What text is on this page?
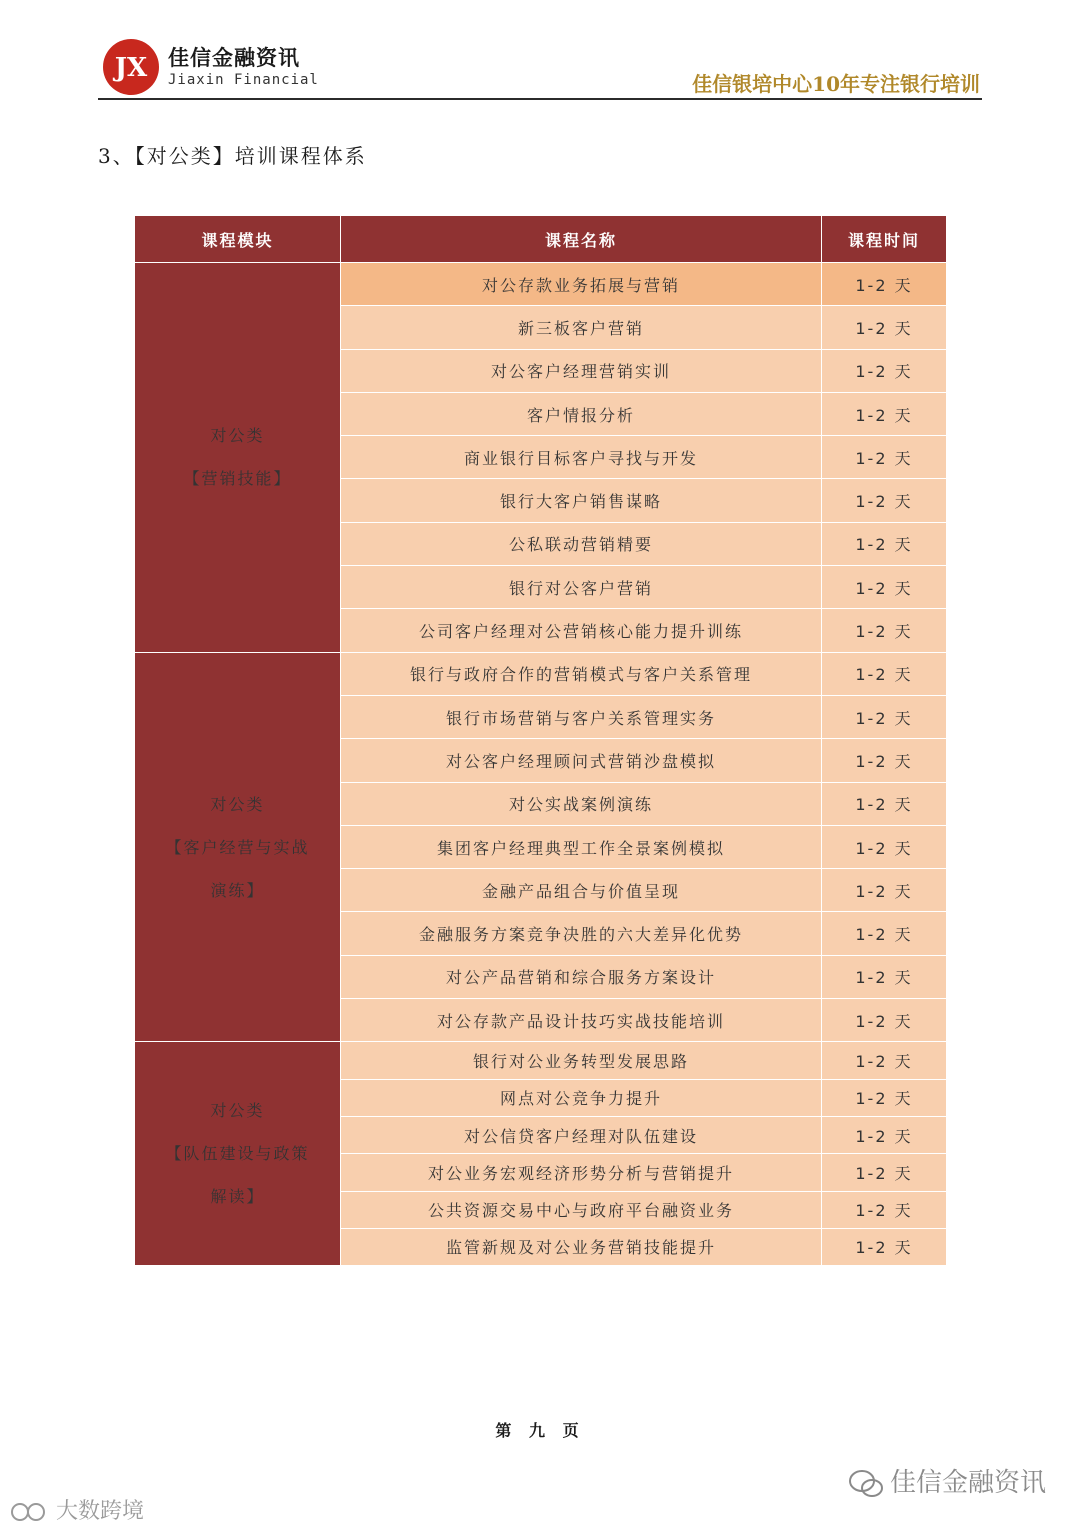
JX 佳信金融资讯
Jiaxin Financial	佳信银培中心10年专注银行培训
3、【对公类】培训课程体系
课程模块	课程名称	课程时间

对公类
【营销技能】	对公存款业务拓展与营销	1-2 天
	新三板客户营销	1-2 天
	对公客户经理营销实训	1-2 天
	客户情报分析	1-2 天
	商业银行目标客户寻找与开发	1-2 天
	银行大客户销售谋略	1-2 天
	公私联动营销精要	1-2 天
	银行对公客户营销	1-2 天
	公司客户经理对公营销核心能力提升训练	1-2 天

对公类
【客户经营与实战
演练】	银行与政府合作的营销模式与客户关系管理	1-2 天
	银行市场营销与客户关系管理实务	1-2 天
	对公客户经理顾问式营销沙盘模拟	1-2 天
	对公实战案例演练	1-2 天
	集团客户经理典型工作全景案例模拟	1-2 天
	金融产品组合与价值呈现	1-2 天
	金融服务方案竞争决胜的六大差异化优势	1-2 天
	对公产品营销和综合服务方案设计	1-2 天
	对公存款产品设计技巧实战技能培训	1-2 天

对公类
【队伍建设与政策
解读】	银行对公业务转型发展思路	1-2 天
	网点对公竞争力提升	1-2 天
	对公信贷客户经理对队伍建设	1-2 天
	对公业务宏观经济形势分析与营销提升	1-2 天
	公共资源交易中心与政府平台融资业务	1-2 天
	监管新规及对公业务营销技能提升	1-2 天
第 九 页
佳信金融资讯
大数跨境
